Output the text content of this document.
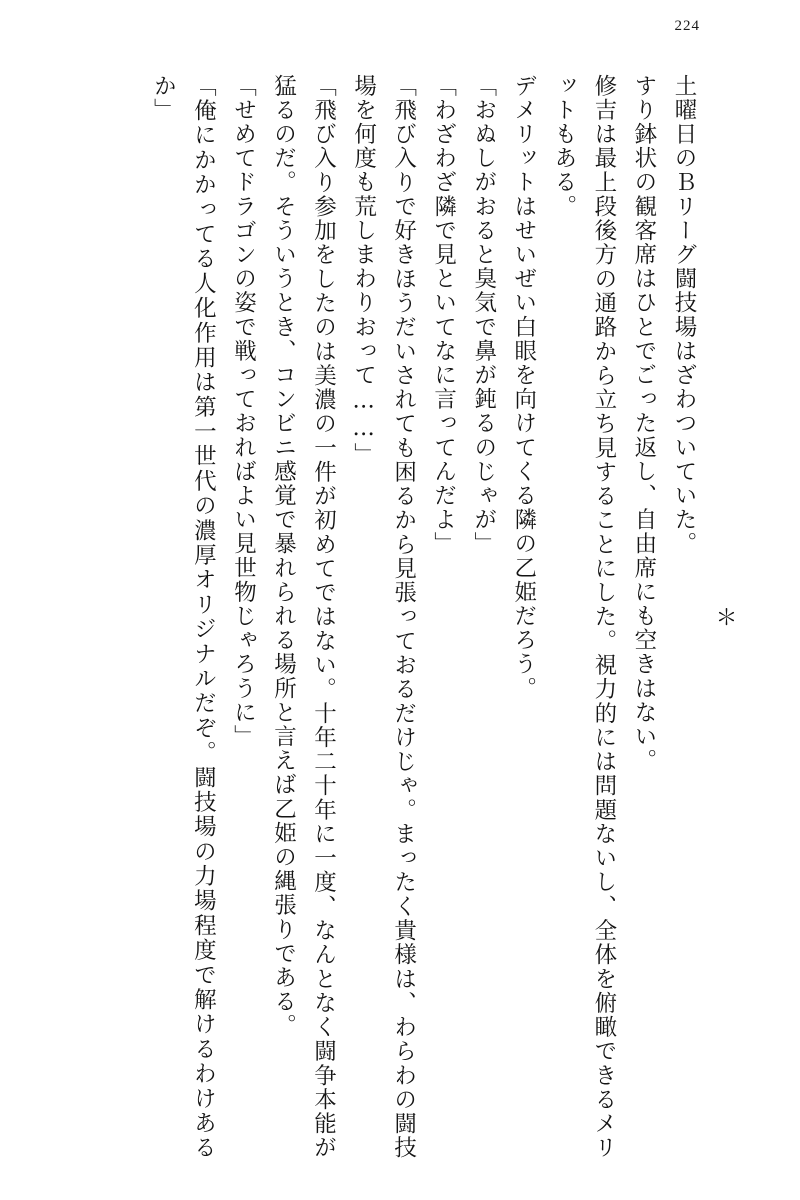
224

＊

土曜日のＢリーグ闘技場はざわついていた。

すり鉢状の観客席はひとでごった返し、自由席にも空きはない。

修吉は最上段後方の通路から立ち見することにした。視力的には問題ないし、全体を俯瞰できるメリットもある。

デメリットはせいぜい白眼を向けてくる隣の乙姫だろう。

「おぬしがおると臭気で鼻が鈍るのじゃが」

「わざわざ隣で見といてなに言ってんだよ」

「飛び入りで好きほうだいされても困るから見張っておるだけじゃ。まったく貴様は、わらわの闘技場を何度も荒しまわりおって……」

「飛び入り参加をしたのは美濃の一件が初めてではない。十年二十年に一度、なんとなく闘争本能が猛るのだ。そういうとき、コンビニ感覚で暴れられる場所と言えば乙姫の縄張りである。

「せめてドラゴンの姿で戦っておればよい見世物じゃろうに」

「俺にかかってる人化作用は第一世代の濃厚オリジナルだぞ。闘技場の力場程度で解けるわけあるか」
